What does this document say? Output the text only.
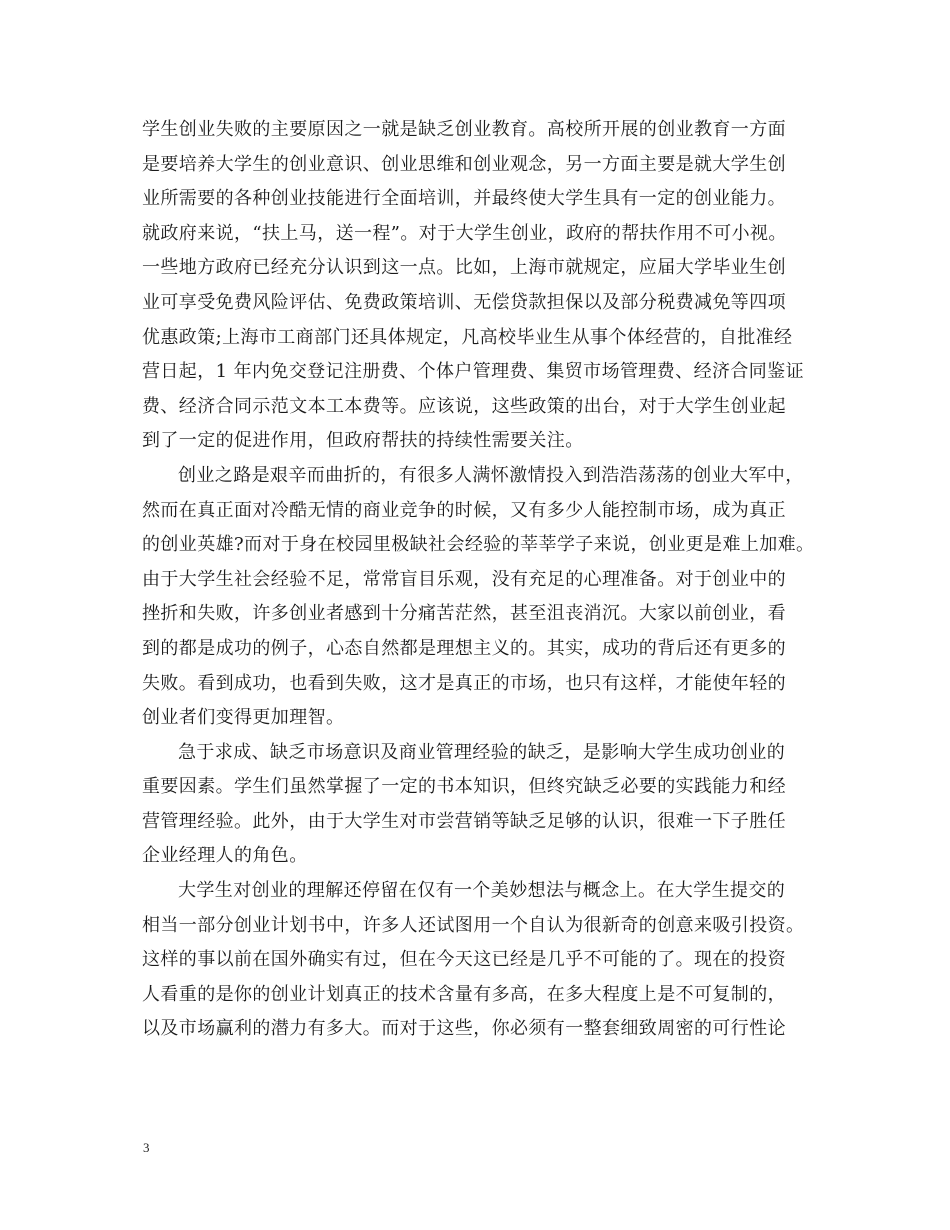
学生创业失败的主要原因之一就是缺乏创业教育。高校所开展的创业教育一方面
是要培养大学生的创业意识、创业思维和创业观念，另一方面主要是就大学生创
业所需要的各种创业技能进行全面培训，并最终使大学生具有一定的创业能力。
就政府来说，“扶上马，送一程”。对于大学生创业，政府的帮扶作用不可小视。
一些地方政府已经充分认识到这一点。比如，上海市就规定，应届大学毕业生创
业可享受免费风险评估、免费政策培训、无偿贷款担保以及部分税费减免等四项
优惠政策;上海市工商部门还具体规定，凡高校毕业生从事个体经营的，自批准经
营日起，1 年内免交登记注册费、个体户管理费、集贸市场管理费、经济合同鉴证
费、经济合同示范文本工本费等。应该说，这些政策的出台，对于大学生创业起
到了一定的促进作用，但政府帮扶的持续性需要关注。
创业之路是艰辛而曲折的，有很多人满怀激情投入到浩浩荡荡的创业大军中，
然而在真正面对冷酷无情的商业竞争的时候，又有多少人能控制市场，成为真正
的创业英雄?而对于身在校园里极缺社会经验的莘莘学子来说，创业更是难上加难。
由于大学生社会经验不足，常常盲目乐观，没有充足的心理准备。对于创业中的
挫折和失败，许多创业者感到十分痛苦茫然，甚至沮丧消沉。大家以前创业，看
到的都是成功的例子，心态自然都是理想主义的。其实，成功的背后还有更多的
失败。看到成功，也看到失败，这才是真正的市场，也只有这样，才能使年轻的
创业者们变得更加理智。
急于求成、缺乏市场意识及商业管理经验的缺乏，是影响大学生成功创业的
重要因素。学生们虽然掌握了一定的书本知识，但终究缺乏必要的实践能力和经
营管理经验。此外，由于大学生对市尝营销等缺乏足够的认识，很难一下子胜任
企业经理人的角色。
大学生对创业的理解还停留在仅有一个美妙想法与概念上。在大学生提交的
相当一部分创业计划书中，许多人还试图用一个自认为很新奇的创意来吸引投资。
这样的事以前在国外确实有过，但在今天这已经是几乎不可能的了。现在的投资
人看重的是你的创业计划真正的技术含量有多高，在多大程度上是不可复制的，
以及市场赢利的潜力有多大。而对于这些，你必须有一整套细致周密的可行性论
3
